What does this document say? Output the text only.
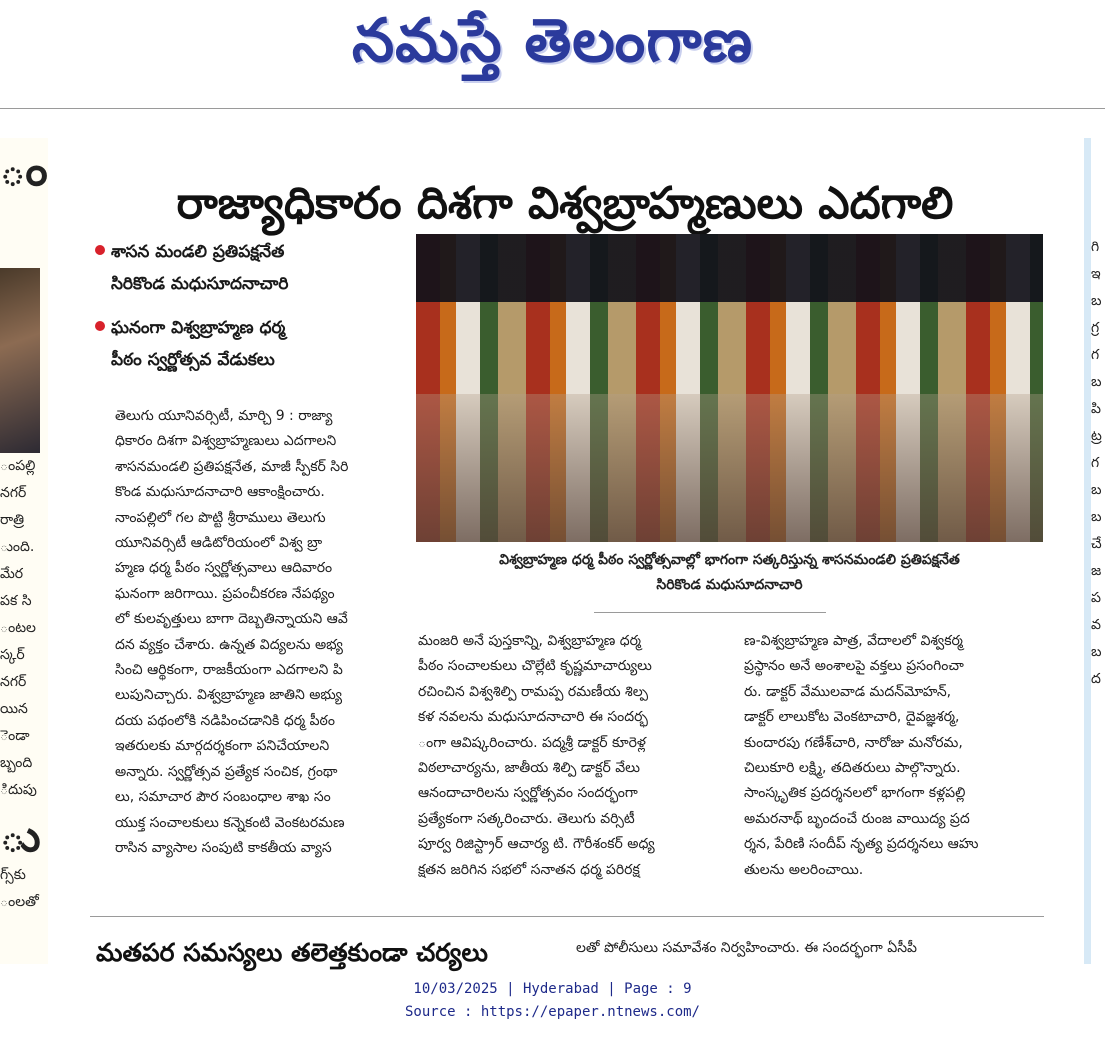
నమస్తే తెలంగాణ
ం
ంపల్లి
నగర్
రాత్రి
ుంది.
మేర
పక సి
ంటల
స్కర్
నగర్
యిన
ెండా
బ్బంది
ిదుపు

ు
గ్స్‌కు
ంలతో

గి
ఇ
బ
గ్ర
గ
బ
పి
ట్ర
గ
బ
బ
చే
జ
ప
వ
బ
ద

రాజ్యాధికారం దిశగా విశ్వబ్రాహ్మణులు ఎదగాలి
శాసన మండలి ప్రతిపక్షనేత
సిరికొండ మధుసూదనాచారి
ఘనంగా విశ్వబ్రాహ్మణ ధర్మ
పీఠం స్వర్ణోత్సవ వేడుకలు
విశ్వబ్రాహ్మణ ధర్మ పీఠం స్వర్ణోత్సవాల్లో భాగంగా సత్కరిస్తున్న శాసనమండలి ప్రతిపక్షనేత
సిరికొండ మధుసూదనాచారి
తెలుగు యూనివర్సిటీ, మార్చి 9 : రాజ్యా
ధికారం దిశగా విశ్వబ్రాహ్మణులు ఎదగాలని
శాసనమండలి ప్రతిపక్షనేత, మాజీ స్పీకర్ సిరి
కొండ మధుసూదనాచారి ఆకాంక్షించారు.
నాంపల్లిలో గల పొట్టి శ్రీరాములు తెలుగు
యూనివర్సిటీ ఆడిటోరియంలో విశ్వ బ్రా
హ్మణ ధర్మ పీఠం స్వర్ణోత్సవాలు ఆదివారం
ఘనంగా జరిగాయి. ప్రపంచీకరణ నేపథ్యం
లో కులవృత్తులు బాగా దెబ్బతిన్నాయని ఆవే
దన వ్యక్తం చేశారు. ఉన్నత విద్యలను అభ్య
సించి ఆర్థికంగా, రాజకీయంగా ఎదగాలని పి
లుపునిచ్చారు. విశ్వబ్రాహ్మణ జాతిని అభ్యు
దయ పథంలోకి నడిపించడానికి ధర్మ పీఠం
ఇతరులకు మార్గదర్శకంగా పనిచేయాలని
అన్నారు. స్వర్ణోత్సవ ప్రత్యేక సంచిక, గ్రంథా
లు, సమాచార పౌర సంబంధాల శాఖ సం
యుక్త సంచాలకులు కన్నెకంటి వెంకటరమణ
రాసిన వ్యాసాల సంపుటి కాకతీయ వ్యాస
మంజరి అనే పుస్తకాన్ని, విశ్వబ్రాహ్మణ ధర్మ
పీఠం సంచాలకులు చొల్లేటి కృష్ణమాచార్యులు
రచించిన విశ్వశిల్పి రామప్ప రమణీయ శిల్ప
కళ నవలను మధుసూదనాచారి ఈ సందర్భ
ంగా ఆవిష్కరించారు. పద్మశ్రీ డాక్టర్ కూరెళ్ల
విఠలాచార్యను, జాతీయ శిల్పి డాక్టర్ వేలు
ఆనందాచారిలను స్వర్ణోత్సవం సందర్భంగా
ప్రత్యేకంగా సత్కరించారు. తెలుగు వర్సిటీ
పూర్వ రిజిస్ట్రార్ ఆచార్య టి. గౌరీశంకర్ అధ్య
క్షతన జరిగిన సభలో సనాతన ధర్మ పరిరక్ష
ణ-విశ్వబ్రాహ్మణ పాత్ర, వేదాలలో విశ్వకర్మ
ప్రస్థానం అనే అంశాలపై వక్తలు ప్రసంగించా
రు. డాక్టర్ వేములవాడ మదన్‌మోహన్,
డాక్టర్ లాలుకోట వెంకటాచారి, దైవజ్ఞశర్మ,
కుందారపు గణేశ్‌చారి, నారోజు మనోరమ,
చిలుకూరి లక్ష్మి, తదితరులు పాల్గొన్నారు.
సాంస్కృతిక ప్రదర్శనలలో భాగంగా కళ్లపల్లి
అమరనాథ్ బృందంచే రుంజ వాయిద్య ప్రద
ర్శన, పేరిణి సందీప్ నృత్య ప్రదర్శనలు ఆహు
తులను అలరించాయి.
మతపర సమస్యలు తలెత్తకుండా చర్యలు	లతో పోలీసులు సమావేశం నిర్వహించారు. ఈ సందర్భంగా ఏసీపీ
10/03/2025 | Hyderabad | Page : 9
Source : https://epaper.ntnews.com/
